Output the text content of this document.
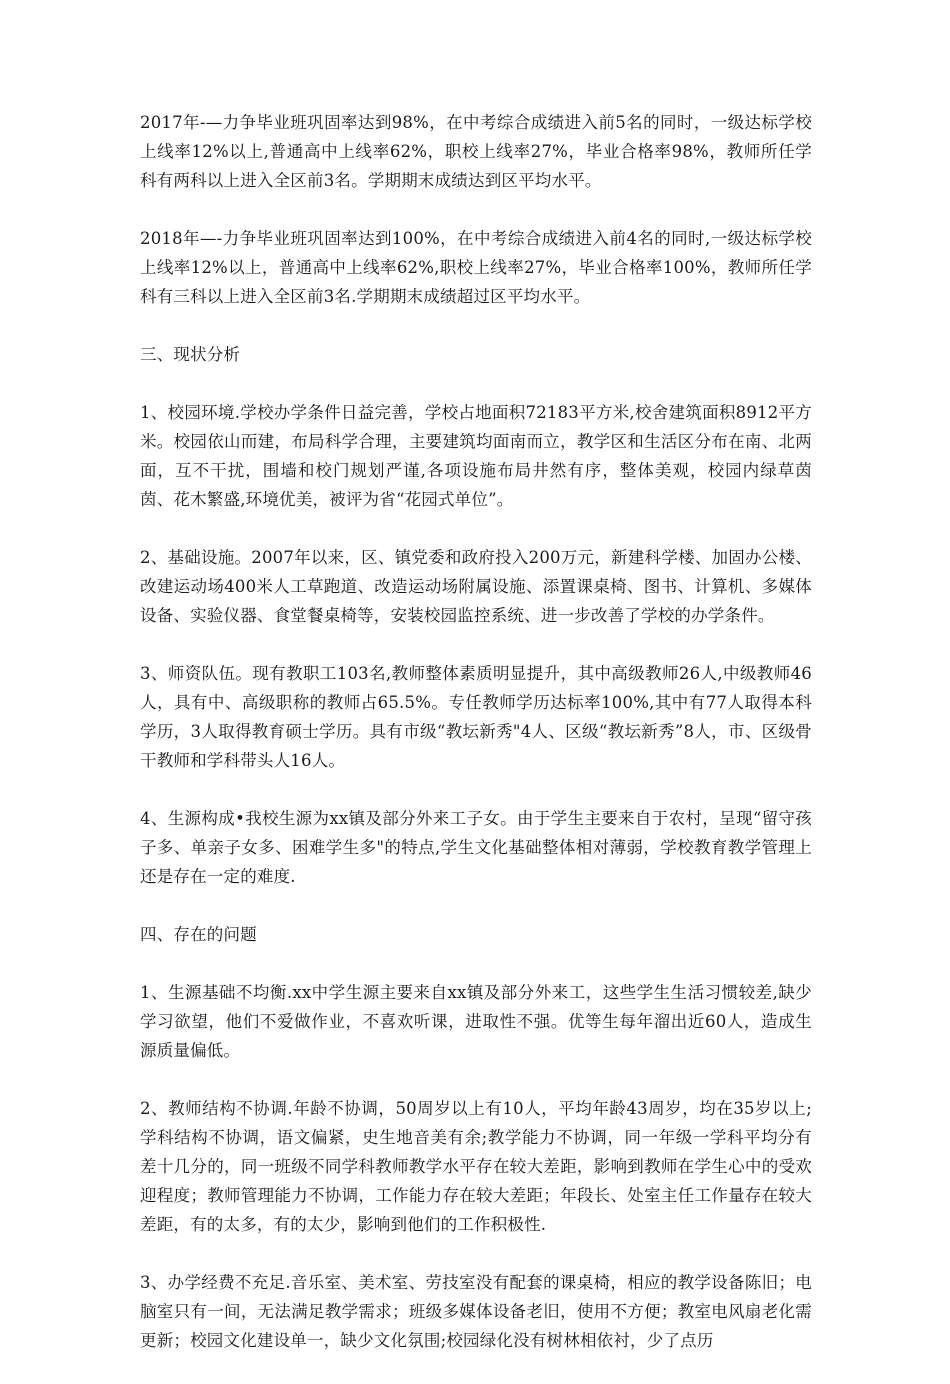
2017年-—力争毕业班巩固率达到98%，在中考综合成绩进入前5名的同时，一级达标学校上线率12%以上,普通高中上线率62%，职校上线率27%，毕业合格率98%，教师所任学科有两科以上进入全区前3名。学期期末成绩达到区平均水平。

2018年—-力争毕业班巩固率达到100%，在中考综合成绩进入前4名的同时,一级达标学校上线率12%以上，普通高中上线率62%,职校上线率27%，毕业合格率100%，教师所任学科有三科以上进入全区前3名.学期期末成绩超过区平均水平。

三、现状分析

1、校园环境.学校办学条件日益完善，学校占地面积72183平方米,校舍建筑面积8912平方米。校园依山而建，布局科学合理，主要建筑均面南而立，教学区和生活区分布在南、北两面，互不干扰，围墙和校门规划严谨,各项设施布局井然有序，整体美观，校园内绿草茵茵、花木繁盛,环境优美，被评为省“花园式单位”。

2、基础设施。2007年以来，区、镇党委和政府投入200万元，新建科学楼、加固办公楼、改建运动场400米人工草跑道、改造运动场附属设施、添置课桌椅、图书、计算机、多媒体设备、实验仪器、食堂餐桌椅等，安装校园监控系统、进一步改善了学校的办学条件。

3、师资队伍。现有教职工103名,教师整体素质明显提升，其中高级教师26人,中级教师46人，具有中、高级职称的教师占65.5%。专任教师学历达标率100%,其中有77人取得本科学历，3人取得教育硕士学历。具有市级“教坛新秀"4人、区级“教坛新秀”8人，市、区级骨干教师和学科带头人16人。

4、生源构成•我校生源为xx镇及部分外来工子女。由于学生主要来自于农村，呈现“留守孩子多、单亲子女多、困难学生多"的特点,学生文化基础整体相对薄弱，学校教育教学管理上还是存在一定的难度.

四、存在的问题

1、生源基础不均衡.xx中学生源主要来自xx镇及部分外来工，这些学生生活习惯较差,缺少学习欲望，他们不爱做作业，不喜欢听课，进取性不强。优等生每年溜出近60人，造成生源质量偏低。

2、教师结构不协调.年龄不协调，50周岁以上有10人，平均年龄43周岁，均在35岁以上;学科结构不协调，语文偏紧，史生地音美有余;教学能力不协调，同一年级一学科平均分有差十几分的，同一班级不同学科教师教学水平存在较大差距，影响到教师在学生心中的受欢迎程度；教师管理能力不协调，工作能力存在较大差距；年段长、处室主任工作量存在较大差距，有的太多，有的太少，影响到他们的工作积极性.

3、办学经费不充足.音乐室、美术室、劳技室没有配套的课桌椅，相应的教学设备陈旧；电脑室只有一间，无法满足教学需求；班级多媒体设备老旧，使用不方便；教室电风扇老化需更新；校园文化建设单一，缺少文化氛围;校园绿化没有树林相依衬，少了点历
